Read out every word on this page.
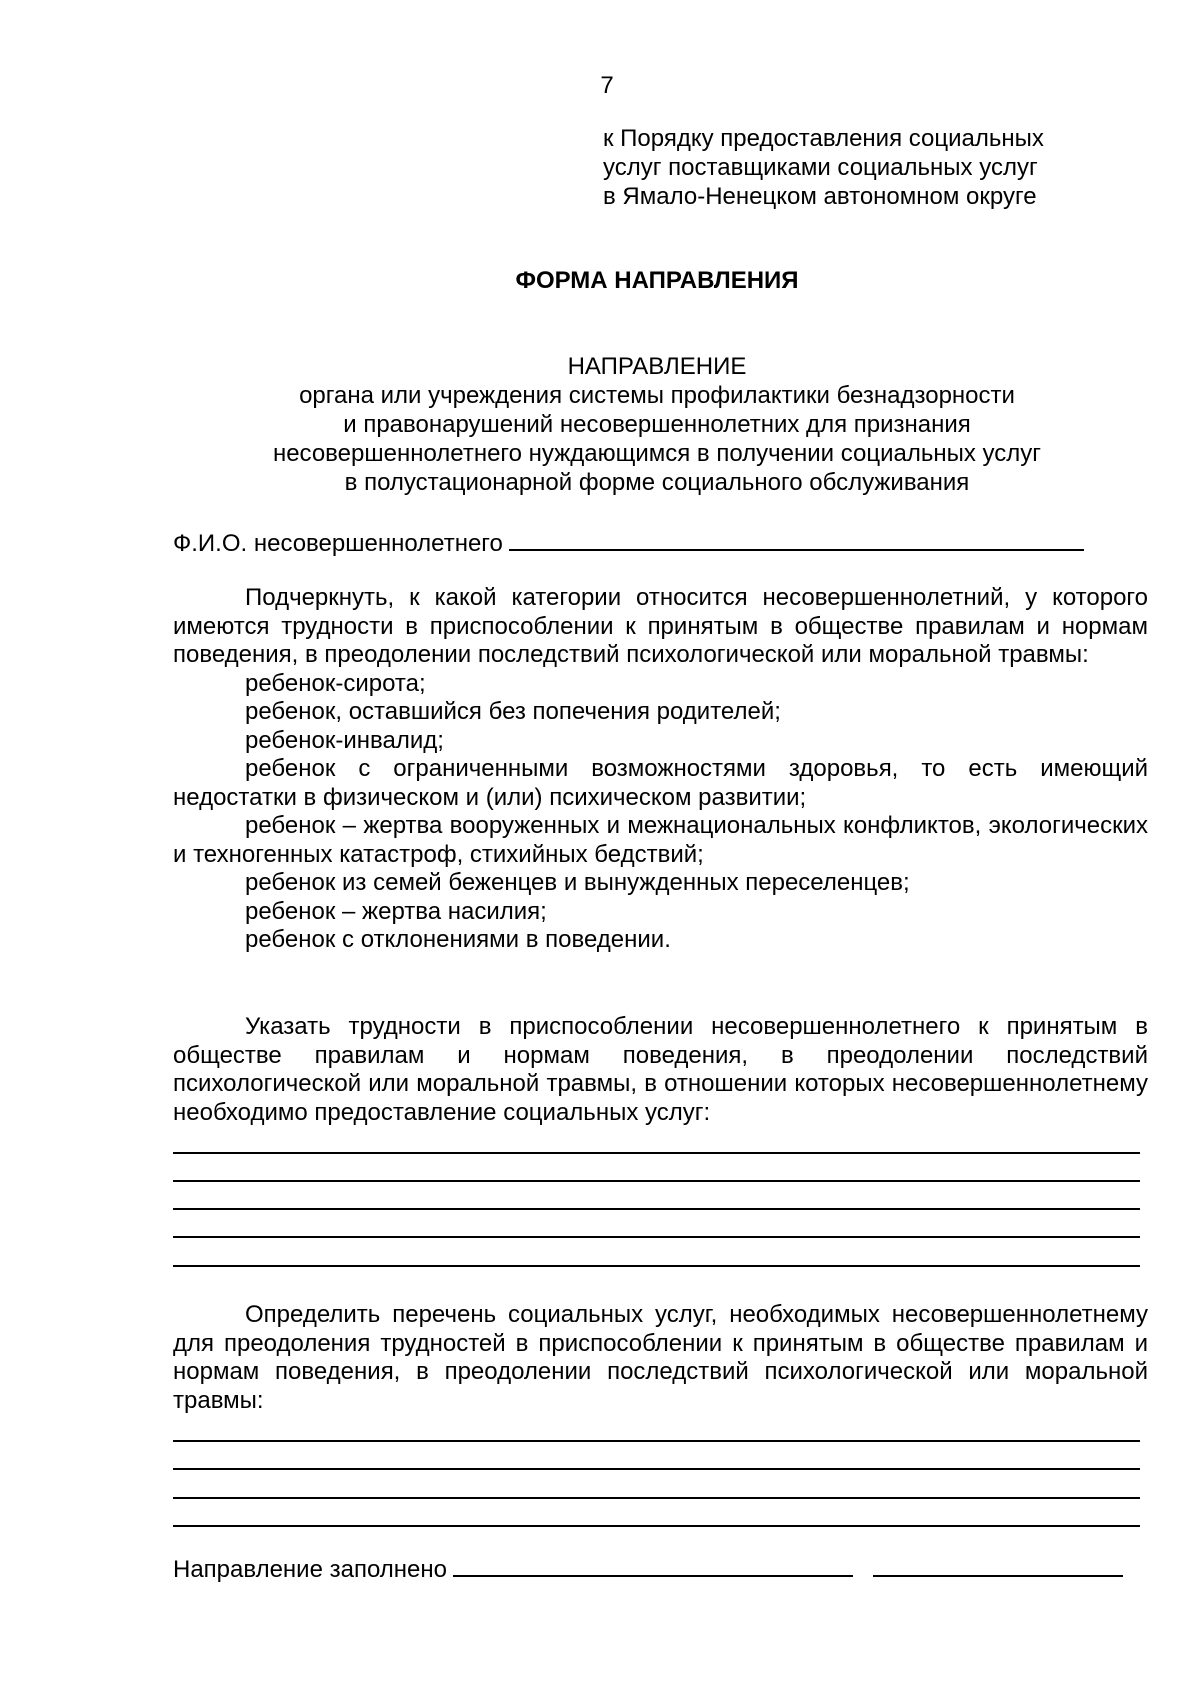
7
к Порядку предоставления социальных
услуг поставщиками социальных услуг
в Ямало-Ненецком автономном округе
ФОРМА НАПРАВЛЕНИЯ
НАПРАВЛЕНИЕ
органа или учреждения системы профилактики безнадзорности
и правонарушений несовершеннолетних для признания
несовершеннолетнего нуждающимся в получении социальных услуг
в полустационарной форме социального обслуживания
Ф.И.О. несовершеннолетнего

Подчеркнуть, к какой категории относится несовершеннолетний, у которого имеются трудности в приспособлении к принятым в обществе правилам и нормам поведения, в преодолении последствий психологической или моральной травмы:

ребенок-сирота;

ребенок, оставшийся без попечения родителей;

ребенок-инвалид;

ребенок с ограниченными возможностями здоровья, то есть имеющий недостатки в физическом и (или) психическом развитии;

ребенок – жертва вооруженных и межнациональных конфликтов, экологических и техногенных катастроф, стихийных бедствий;

ребенок из семей беженцев и вынужденных переселенцев;

ребенок – жертва насилия;

ребенок с отклонениями в поведении.

Указать трудности в приспособлении несовершеннолетнего к принятым в обществе правилам и нормам поведения, в преодолении последствий психологической или моральной травмы, в отношении которых несовершеннолетнему необходимо предоставление социальных услуг:

Определить перечень социальных услуг, необходимых несовершеннолетнему для преодоления трудностей в приспособлении к принятым в обществе правилам и нормам поведения, в преодолении последствий психологической или моральной травмы:

Направление заполнено
